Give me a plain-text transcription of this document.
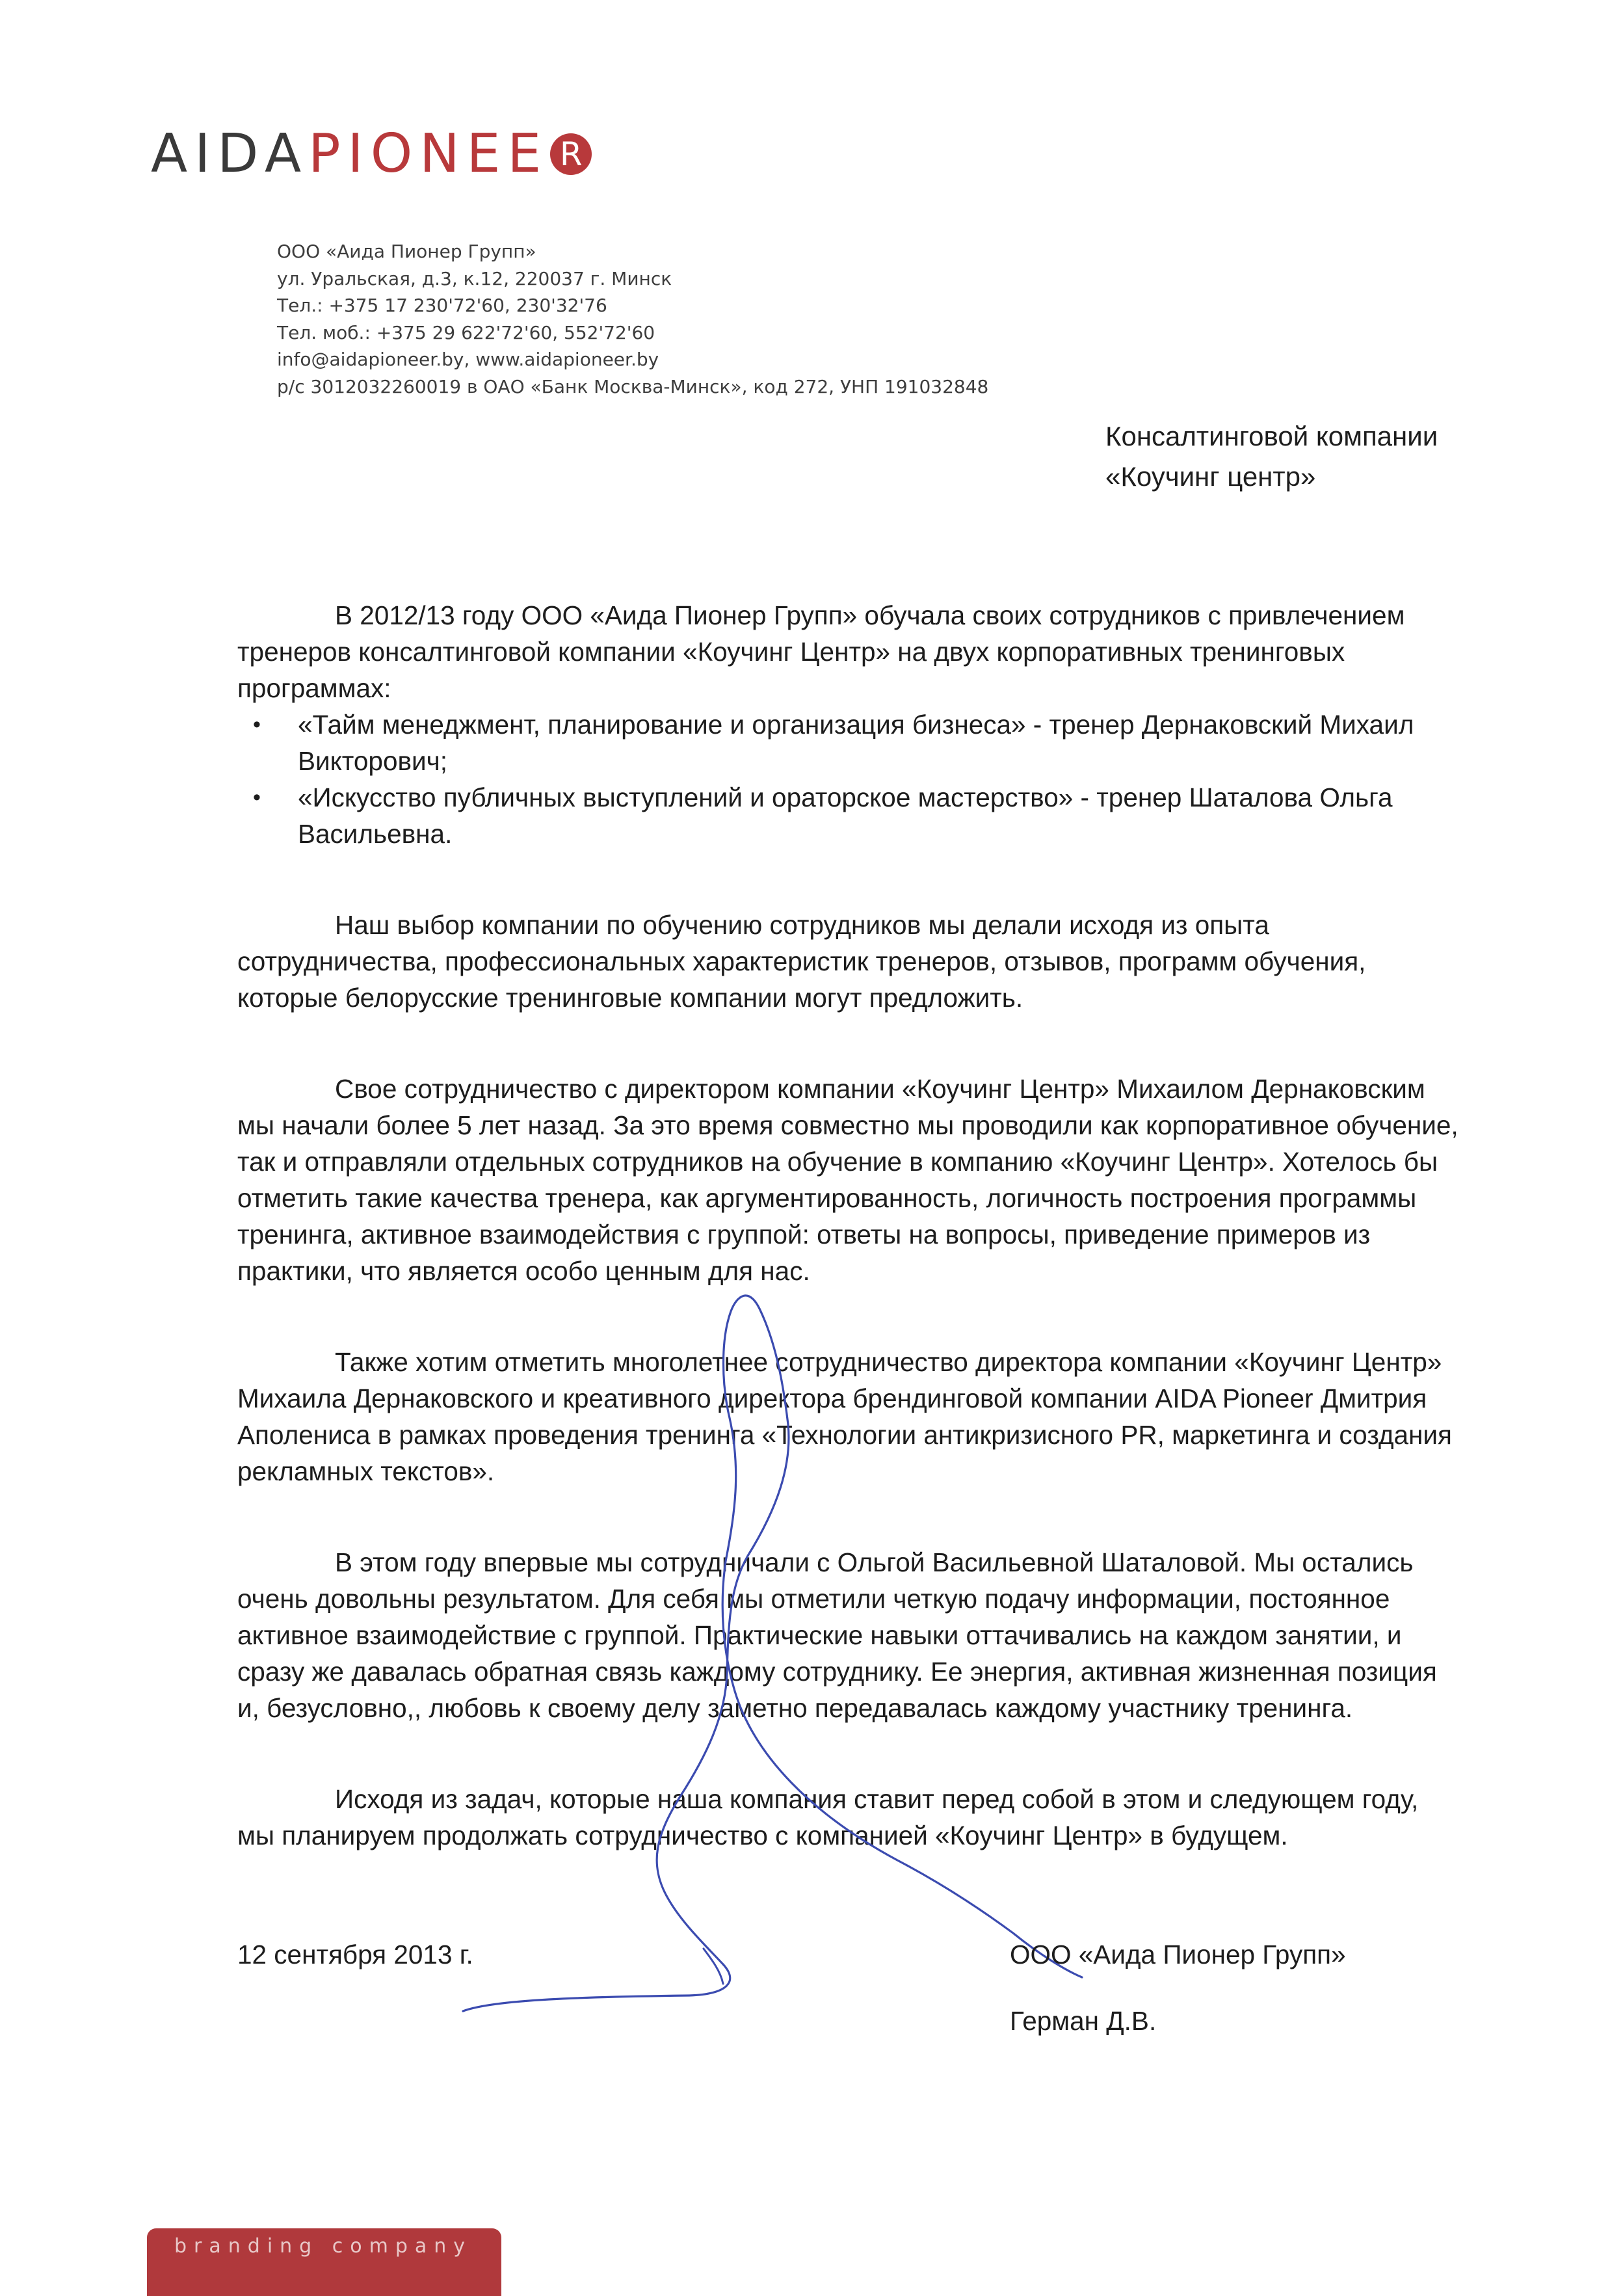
AIDA PIONEE R
ООО «Аида Пионер Групп»
ул. Уральская, д.3, к.12, 220037 г. Минск
Тел.: +375 17 230'72'60, 230'32'76
Тел. моб.: +375 29 622'72'60, 552'72'60
info@aidapioneer.by, www.aidapioneer.by
р/с 3012032260019 в ОАО «Банк Москва-Минск», код 272, УНП 191032848
Консалтинговой компании
«Коучинг центр»
В 2012/13 году ООО «Аида Пионер Групп» обучала своих сотрудников с привлечением
тренеров консалтинговой компании «Коучинг Центр» на двух корпоративных тренинговых
программах:
•	«Тайм менеджмент, планирование и организация бизнеса» - тренер Дернаковский Михаил
Викторович;
•	«Искусство публичных выступлений и ораторское мастерство» - тренер Шаталова Ольга
Васильевна.
Наш выбор компании по обучению сотрудников мы делали исходя из опыта
сотрудничества, профессиональных характеристик тренеров, отзывов, программ обучения,
которые белорусские тренинговые компании могут предложить.
Свое сотрудничество с директором компании «Коучинг Центр» Михаилом Дернаковским
мы начали более 5 лет назад. За это время совместно мы проводили как корпоративное обучение,
так и отправляли отдельных сотрудников на обучение в компанию «Коучинг Центр». Хотелось бы
отметить такие качества тренера, как аргументированность, логичность построения программы
тренинга, активное взаимодействия с группой: ответы на вопросы, приведение примеров из
практики, что является особо ценным для нас.
Также хотим отметить многолетнее сотрудничество директора компании «Коучинг Центр»
Михаила Дернаковского и креативного директора брендинговой компании AIDA Pioneer Дмитрия
Аполениса в рамках проведения тренинга «Технологии антикризисного PR, маркетинга и создания
рекламных текстов».
В этом году впервые мы сотрудничали с Ольгой Васильевной Шаталовой. Мы остались
очень довольны результатом. Для себя мы отметили четкую подачу информации, постоянное
активное взаимодействие с группой. Практические навыки оттачивались на каждом занятии, и
сразу же давалась обратная связь каждому сотруднику. Ее энергия, активная жизненная позиция
и, безусловно,, любовь к своему делу заметно передавалась каждому участнику тренинга.
Исходя из задач, которые наша компания ставит перед собой в этом и следующем году,
мы планируем продолжать сотрудничество с компанией «Коучинг Центр» в будущем.
12 сентября 2013 г.	ООО «Аида Пионер Групп»
Герман Д.В.
branding company
